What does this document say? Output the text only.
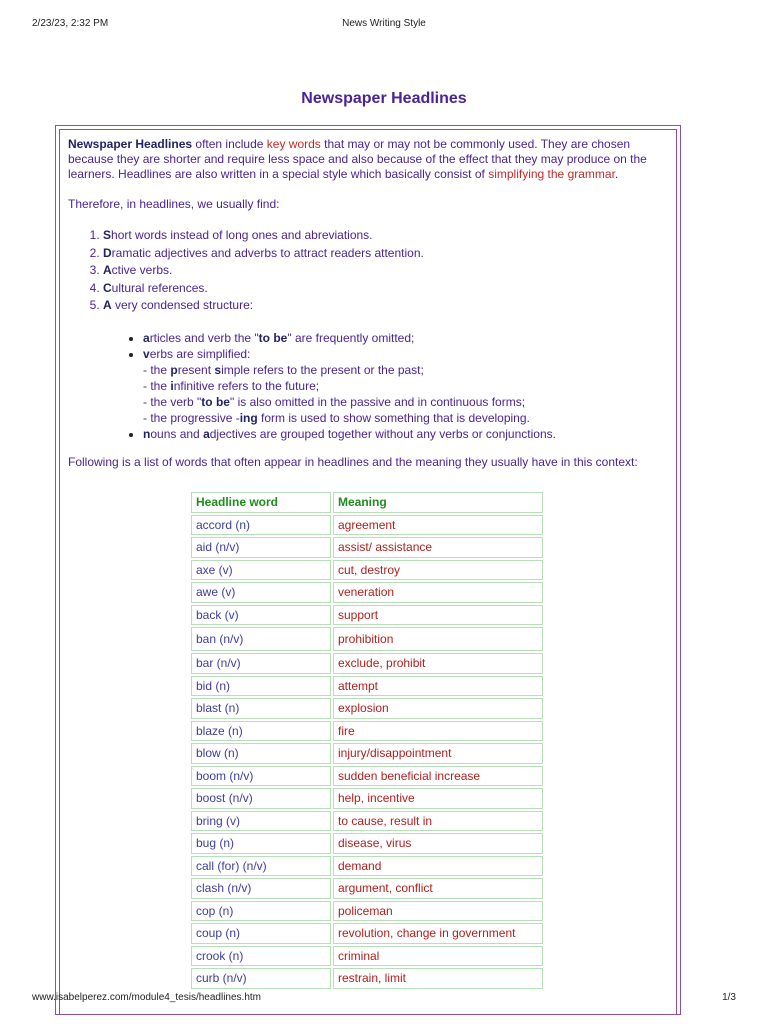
2/23/23, 2:32 PM	News Writing Style
Newspaper Headlines

Newspaper Headlines often include key words that may or may not be commonly used. They are chosen because they are shorter and require less space and also because of the effect that they may produce on the learners. Headlines are also written in a special style which basically consist of simplifying the grammar.

Therefore, in headlines, we usually find:

1. Short words instead of long ones and abreviations.
2. Dramatic adjectives and adverbs to attract readers attention.
3. Active verbs.
4. Cultural references.
5. A very condensed structure:
• articles and verb the "to be" are frequently omitted;
• verbs are simplified:
- the present simple refers to the present or the past;
- the infinitive refers to the future;
- the verb "to be" is also omitted in the passive and in continuous forms;
- the progressive -ing form is used to show something that is developing.
• nouns and adjectives are grouped together without any verbs or conjunctions.

Following is a list of words that often appear in headlines and the meaning they usually have in this context:

Headline word	Meaning
accord (n)	agreement
aid (n/v)	assist/ assistance
axe (v)	cut, destroy
awe (v)	veneration
back (v)	support
ban (n/v)	prohibition
bar (n/v)	exclude, prohibit
bid (n)	attempt
blast (n)	explosion
blaze (n)	fire
blow (n)	injury/disappointment
boom (n/v)	sudden beneficial increase
boost (n/v)	help, incentive
bring (v)	to cause, result in
bug (n)	disease, virus
call (for) (n/v)	demand
clash (n/v)	argument, conflict
cop (n)	policeman
coup (n)	revolution, change in government
crook (n)	criminal
curb (n/v)	restrain, limit
www.isabelperez.com/module4_tesis/headlines.htm	1/3
